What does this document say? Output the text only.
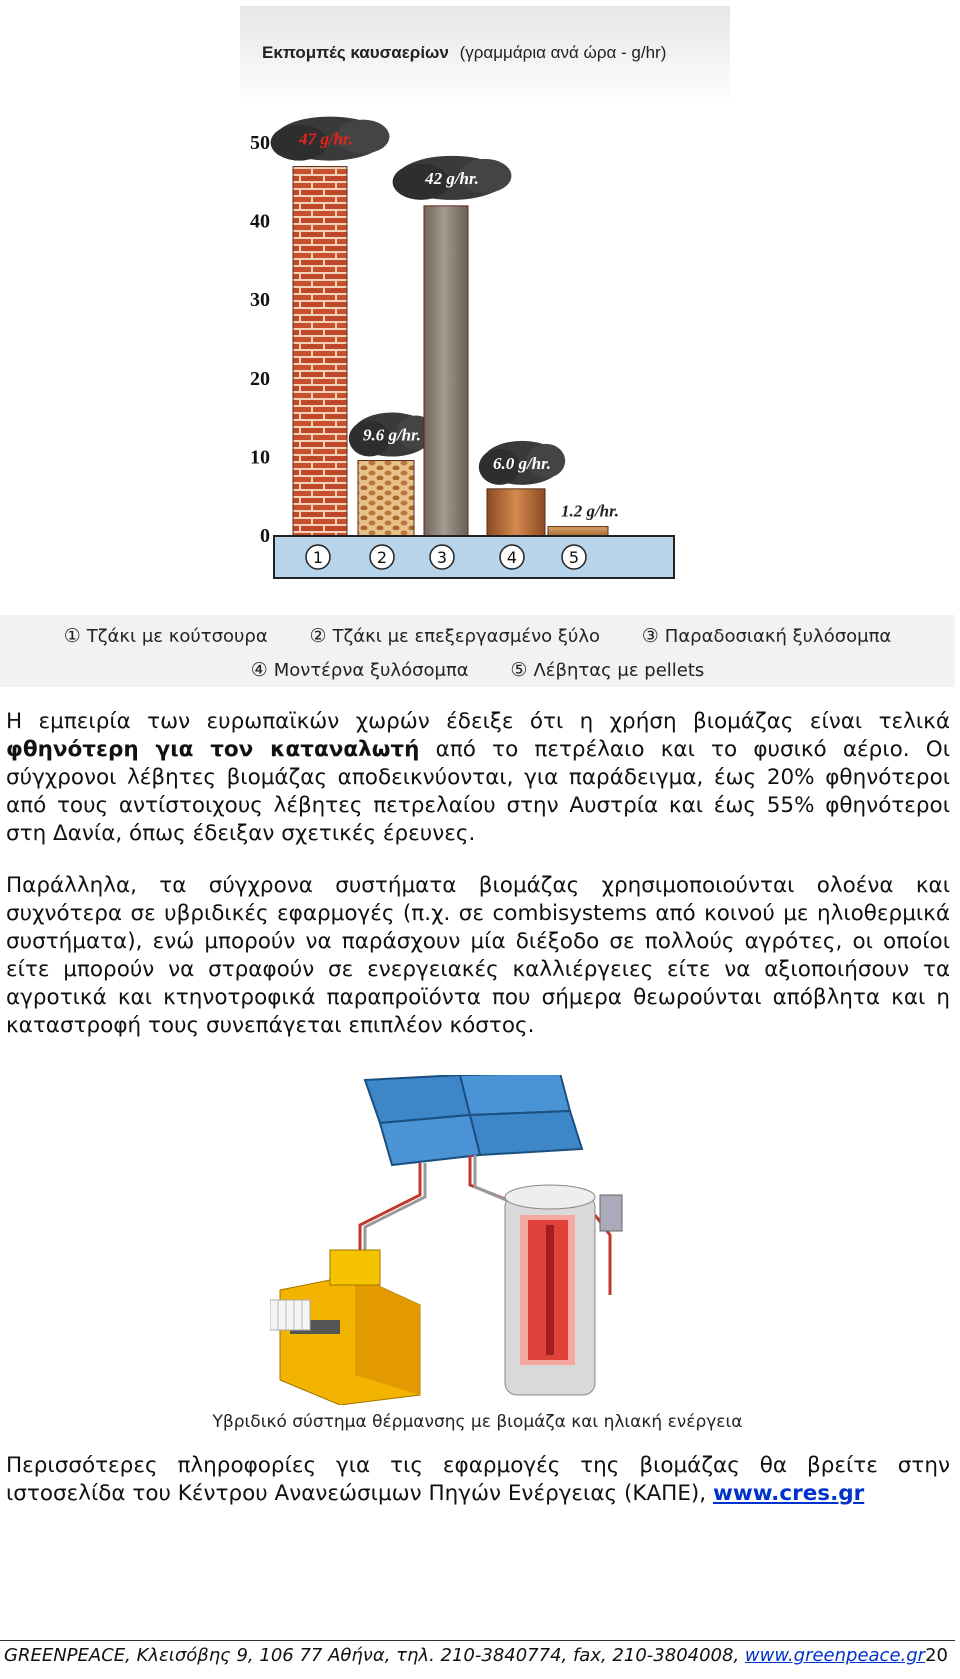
Εκπομπές καυσαερίων (γραμμάρια ανά ώρα - g/hr)
0
10
20
30
40
50 47 g/hr.
9.6 g/hr.
42 g/hr.
6.0 g/hr.
1.2 g/hr.
1	2	3	4	5
① Τζάκι με κούτσουρα ② Τζάκι με επεξεργασμένο ξύλο ③ Παραδοσιακή ξυλόσομπα
④ Μοντέρνα ξυλόσομπα ⑤ Λέβητας με pellets
Η εμπειρία των ευρωπαϊκών χωρών έδειξε ότι η χρήση βιομάζας είναι τελικά φθηνότερη για τον καταναλωτή από το πετρέλαιο και το φυσικό αέριο. Οι σύγχρονοι λέβητες βιομάζας αποδεικνύονται, για παράδειγμα, έως 20% φθηνότεροι από τους αντίστοιχους λέβητες πετρελαίου στην Αυστρία και έως 55% φθηνότεροι στη Δανία, όπως έδειξαν σχετικές έρευνες.
Παράλληλα, τα σύγχρονα συστήματα βιομάζας χρησιμοποιούνται ολοένα και συχνότερα σε υβριδικές εφαρμογές (π.χ. σε combisystems από κοινού με ηλιοθερμικά συστήματα), ενώ μπορούν να παράσχουν μία διέξοδο σε πολλούς αγρότες, οι οποίοι είτε μπορούν να στραφούν σε ενεργειακές καλλιέργειες είτε να αξιοποιήσουν τα αγροτικά και κτηνοτροφικά παραπροϊόντα που σήμερα θεωρούνται απόβλητα και η καταστροφή τους συνεπάγεται επιπλέον κόστος.
Υβριδικό σύστημα θέρμανσης με βιομάζα και ηλιακή ενέργεια
Περισσότερες πληροφορίες για τις εφαρμογές της βιομάζας θα βρείτε στην ιστοσελίδα του Κέντρου Ανανεώσιμων Πηγών Ενέργειας (ΚΑΠΕ), www.cres.gr
GREENPEACE, Κλεισόβης 9, 106 77 Αθήνα, τηλ. 210-3840774, fax, 210-3804008, www.greenpeace.gr 20
